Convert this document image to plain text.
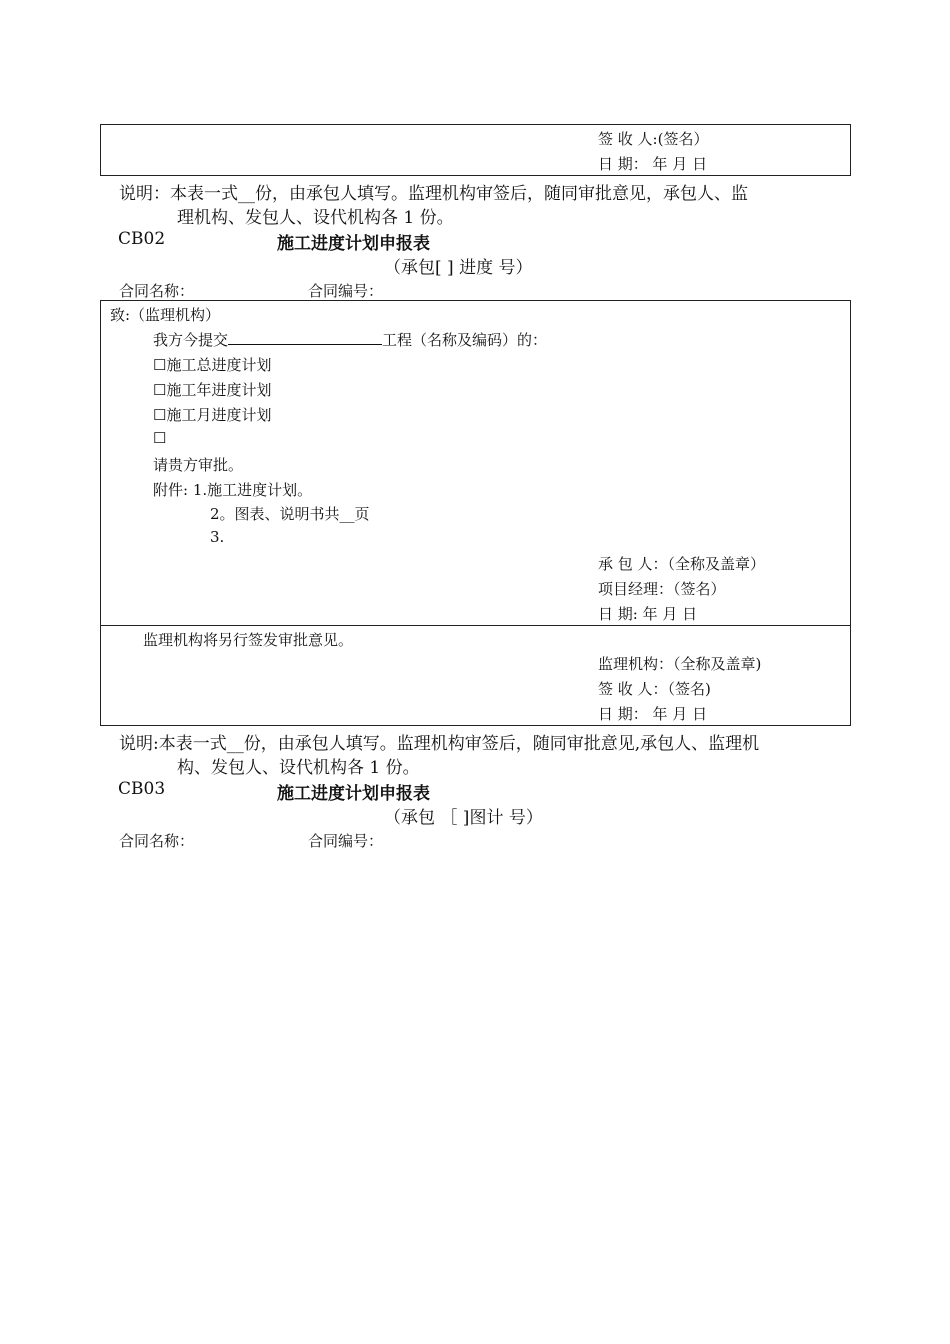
签 收 人:(签名）
日 期： 年 月 日
说明：本表一式__份，由承包人填写。监理机构审签后，随同审批意见，承包人、监
理机构、发包人、设代机构各 1 份。
CB02	施工进度计划申报表
（承包[ ] 进度 号）
合同名称：	合同编号：
致:（监理机构）
我方今提交	工程（名称及编码）的：
☐施工总进度计划
☐施工年进度计划
☐施工月进度计划
☐
请贵方审批。
附件: 1.施工进度计划。
2。图表、说明书共__页
3.
承 包 人：（全称及盖章）
项目经理：（签名）
日 期: 年 月 日
监理机构将另行签发审批意见。
监理机构：（全称及盖章)
签 收 人：（签名)
日 期： 年 月 日
说明:本表一式__份，由承包人填写。监理机构审签后，随同审批意见,承包人、监理机
构、发包人、设代机构各 1 份。
CB03	施工进度计划申报表
（承包 ［ ]图计 号）
合同名称：	合同编号：
